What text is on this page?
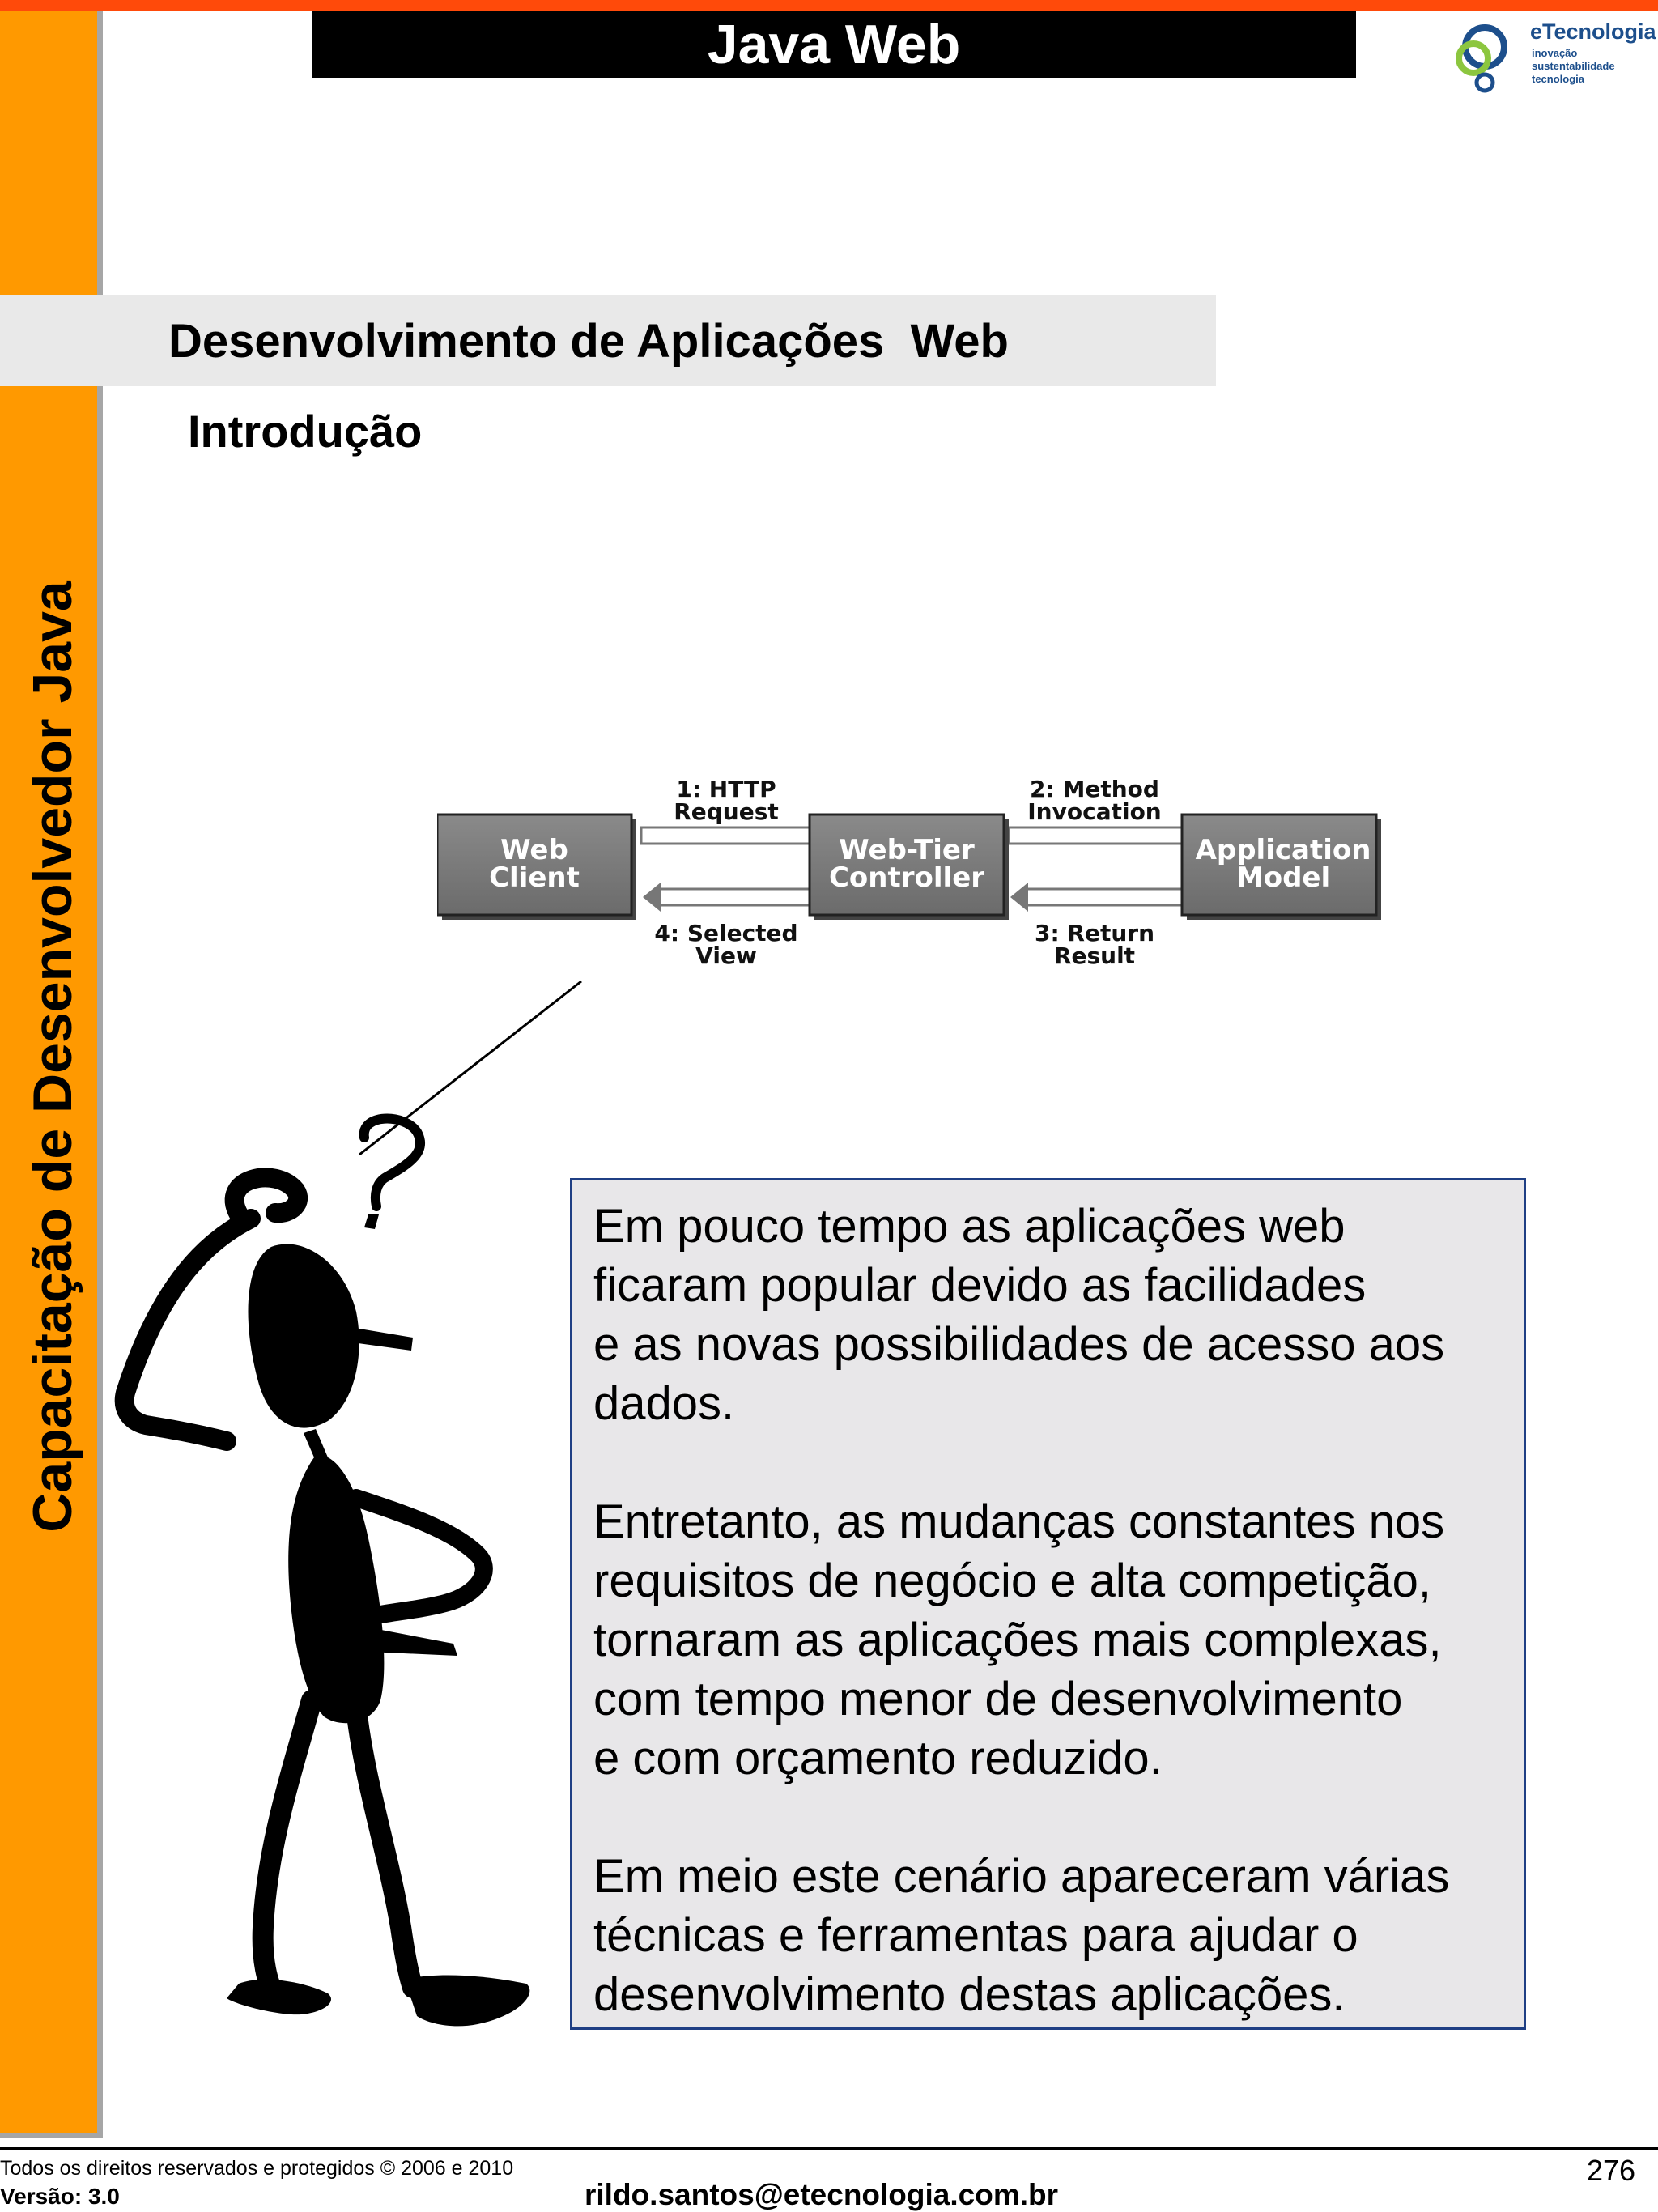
Java Web	eTecnologia
inovação
sustentabilidade
tecnologia
Capacitação de Desenvolvedor Java
Desenvolvimento de Aplicações  Web
Introdução
Web
Client
Web-Tier
Controller
Application
Model
1: HTTP
Request
2: Method
Invocation
3: Return
Result
4: Selected
View

Em pouco tempo as aplicações web
ficaram popular devido as facilidades
e as novas possibilidades de acesso aos
dados.

Entretanto, as mudanças constantes nos
requisitos de negócio e alta competição,
tornaram as aplicações mais complexas,
com tempo menor de desenvolvimento
e com orçamento reduzido.

Em meio este cenário apareceram várias
técnicas e ferramentas para ajudar o
desenvolvimento destas aplicações.

Todos os direitos reservados e protegidos © 2006 e 2010
Versão: 3.0	rildo.santos@etecnologia.com.br
276
